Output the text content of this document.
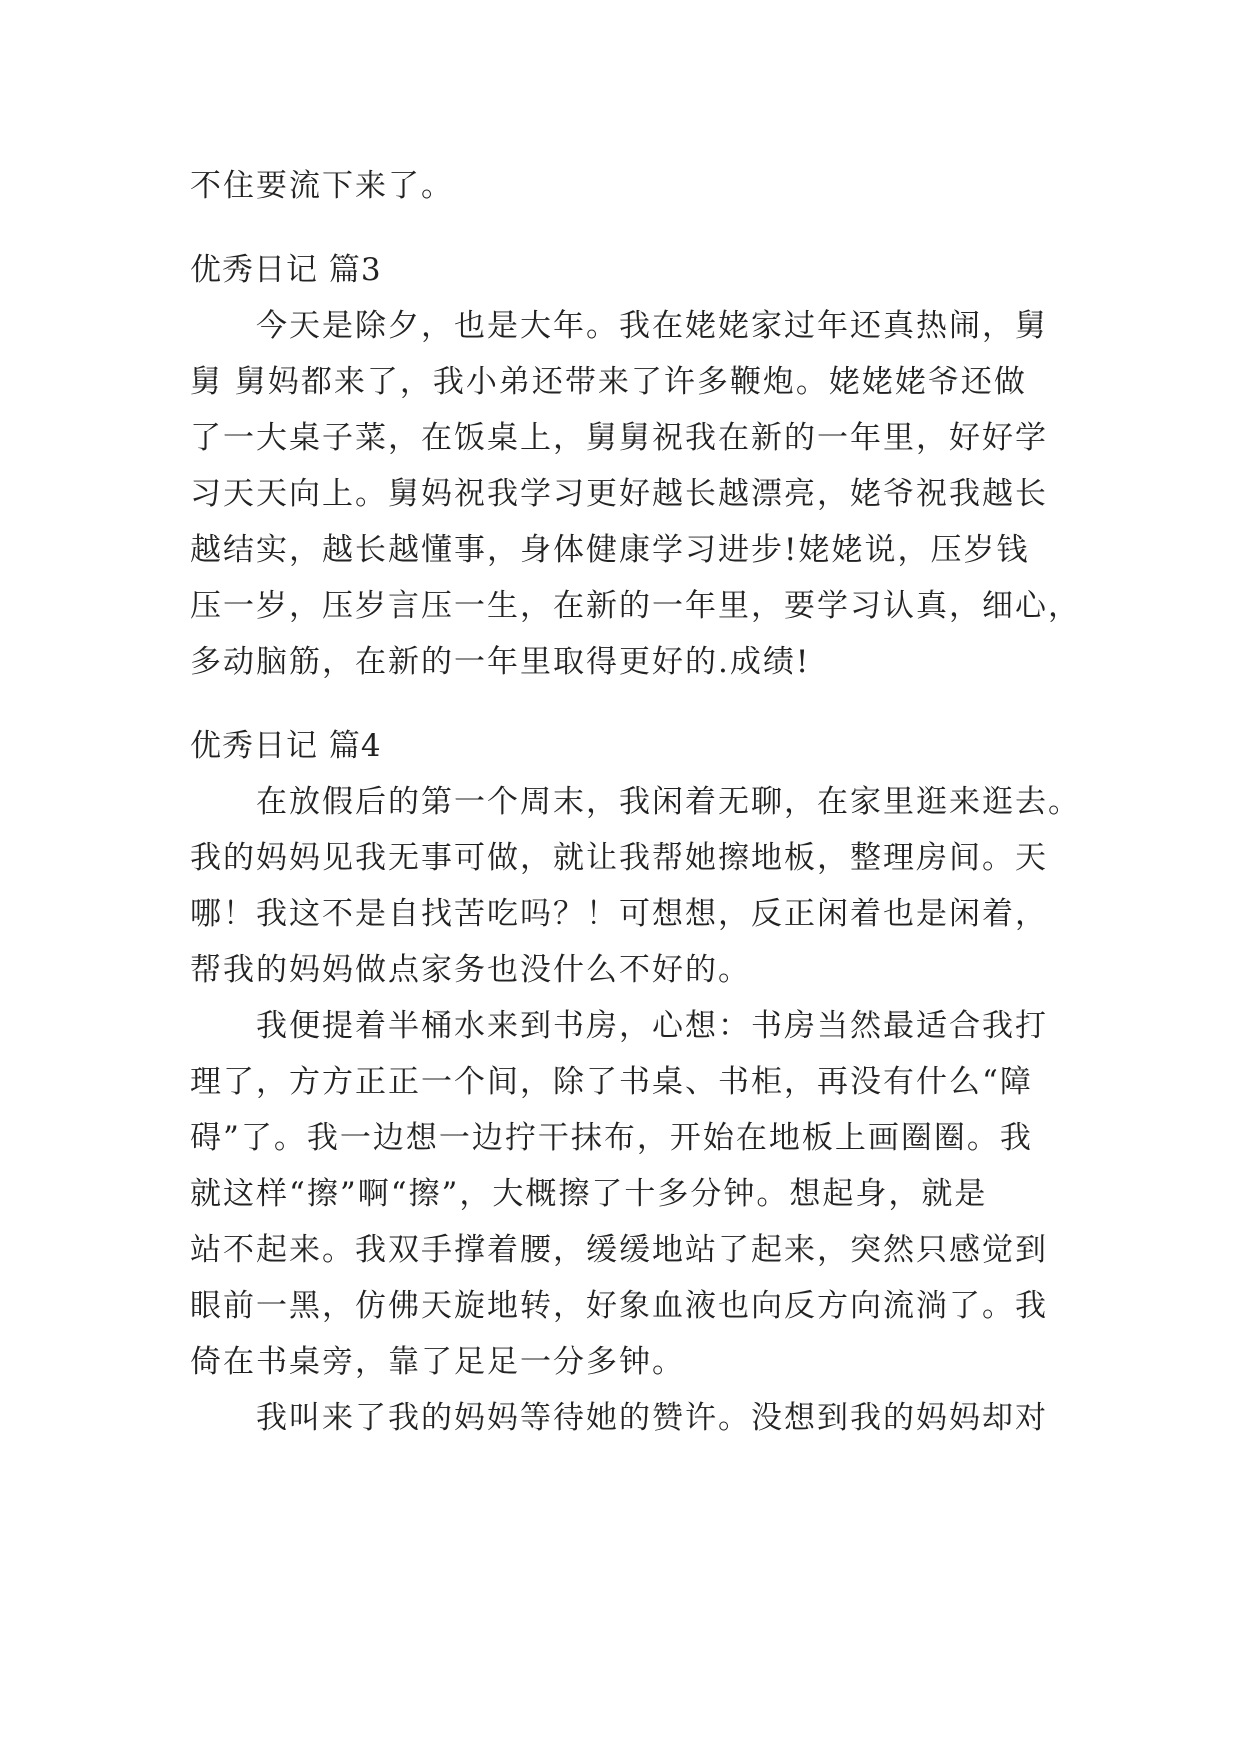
不住要流下来了。
优秀日记 篇3
　　今天是除夕，也是大年。我在姥姥家过年还真热闹，舅
舅 舅妈都来了，我小弟还带来了许多鞭炮。姥姥姥爷还做
了一大桌子菜，在饭桌上，舅舅祝我在新的一年里，好好学
习天天向上。舅妈祝我学习更好越长越漂亮，姥爷祝我越长
越结实，越长越懂事，身体健康学习进步!姥姥说，压岁钱
压一岁，压岁言压一生，在新的一年里，要学习认真，细心，
多动脑筋，在新的一年里取得更好的.成绩!
优秀日记 篇4
　　在放假后的第一个周末，我闲着无聊，在家里逛来逛去。
我的妈妈见我无事可做，就让我帮她擦地板，整理房间。天
哪！我这不是自找苦吃吗？！可想想，反正闲着也是闲着，
帮我的妈妈做点家务也没什么不好的。
　　我便提着半桶水来到书房，心想：书房当然最适合我打
理了，方方正正一个间，除了书桌、书柜，再没有什么“障
碍”了。我一边想一边拧干抹布，开始在地板上画圈圈。我
就这样“擦”啊“擦”，大概擦了十多分钟。想起身，就是
站不起来。我双手撑着腰，缓缓地站了起来，突然只感觉到
眼前一黑，仿佛天旋地转，好象血液也向反方向流淌了。我
倚在书桌旁，靠了足足一分多钟。
　　我叫来了我的妈妈等待她的赞许。没想到我的妈妈却对
